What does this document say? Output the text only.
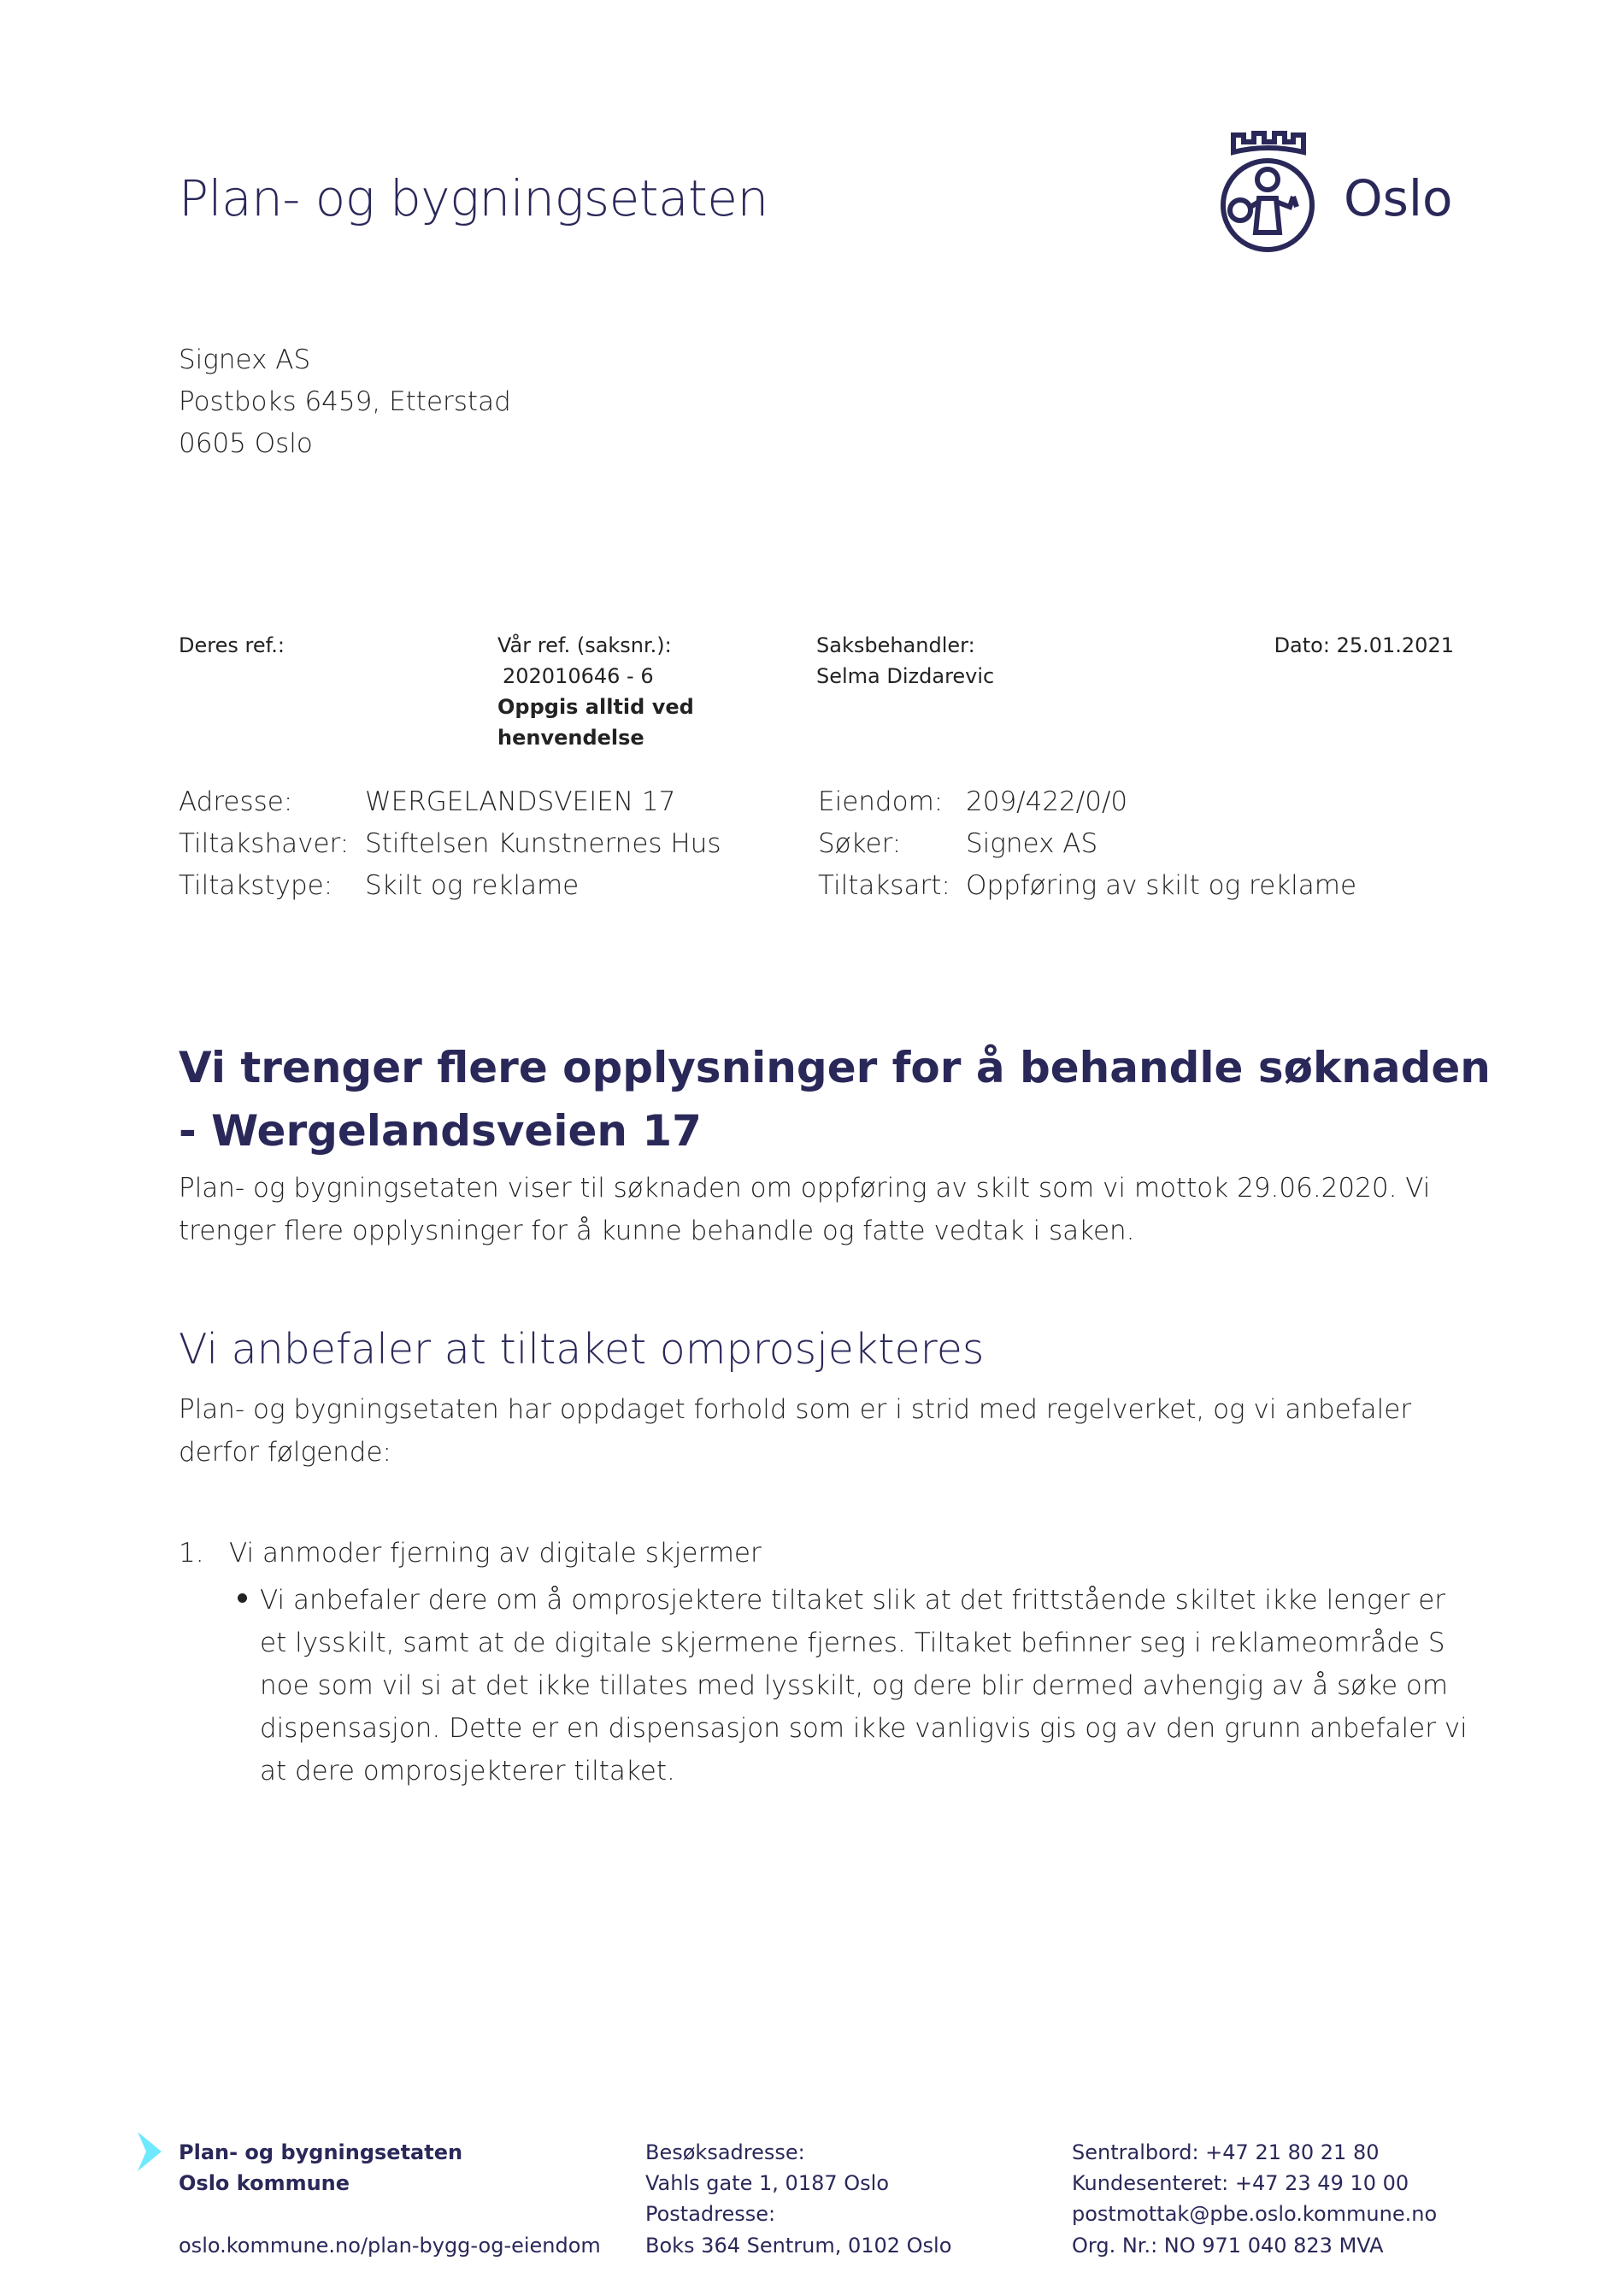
Plan- og bygningsetaten	Oslo
Signex AS
Postboks 6459, Etterstad
0605 Oslo
Deres ref.:	Vår ref. (saksnr.):
202010646 - 6
Oppgis alltid ved
henvendelse
Saksbehandler:
Selma Dizdarevic
Dato: 25.01.2021
Adresse:	WERGELANDSVEIEN 17
Tiltakshaver: Stiftelsen Kunstnernes Hus
Tiltakstype: Skilt og reklame
Eiendom: 209/422/0/0
Søker: Signex AS
Tiltaksart: Oppføring av skilt og reklame
Vi trenger flere opplysninger for å behandle søknaden
- Wergelandsveien 17
Plan- og bygningsetaten viser til søknaden om oppføring av skilt som vi mottok 29.06.2020. Vi trenger flere opplysninger for å kunne behandle og fatte vedtak i saken.
Vi anbefaler at tiltaket omprosjekteres
Plan- og bygningsetaten har oppdaget forhold som er i strid med regelverket, og vi anbefaler derfor følgende:
1. Vi anmoder fjerning av digitale skjermer
Vi anbefaler dere om å omprosjektere tiltaket slik at det frittstående skiltet ikke lenger er et lysskilt, samt at de digitale skjermene fjernes. Tiltaket befinner seg i reklameområde S noe som vil si at det ikke tillates med lysskilt, og dere blir dermed avhengig av å søke om dispensasjon. Dette er en dispensasjon som ikke vanligvis gis og av den grunn anbefaler vi at dere omprosjekterer tiltaket.
Plan- og bygningsetaten
Oslo kommune
oslo.kommune.no/plan-bygg-og-eiendom
Besøksadresse:
Vahls gate 1, 0187 Oslo
Postadresse:
Boks 364 Sentrum, 0102 Oslo
Sentralbord: +47 21 80 21 80
Kundesenteret: +47 23 49 10 00
postmottak@pbe.oslo.kommune.no
Org. Nr.: NO 971 040 823 MVA
